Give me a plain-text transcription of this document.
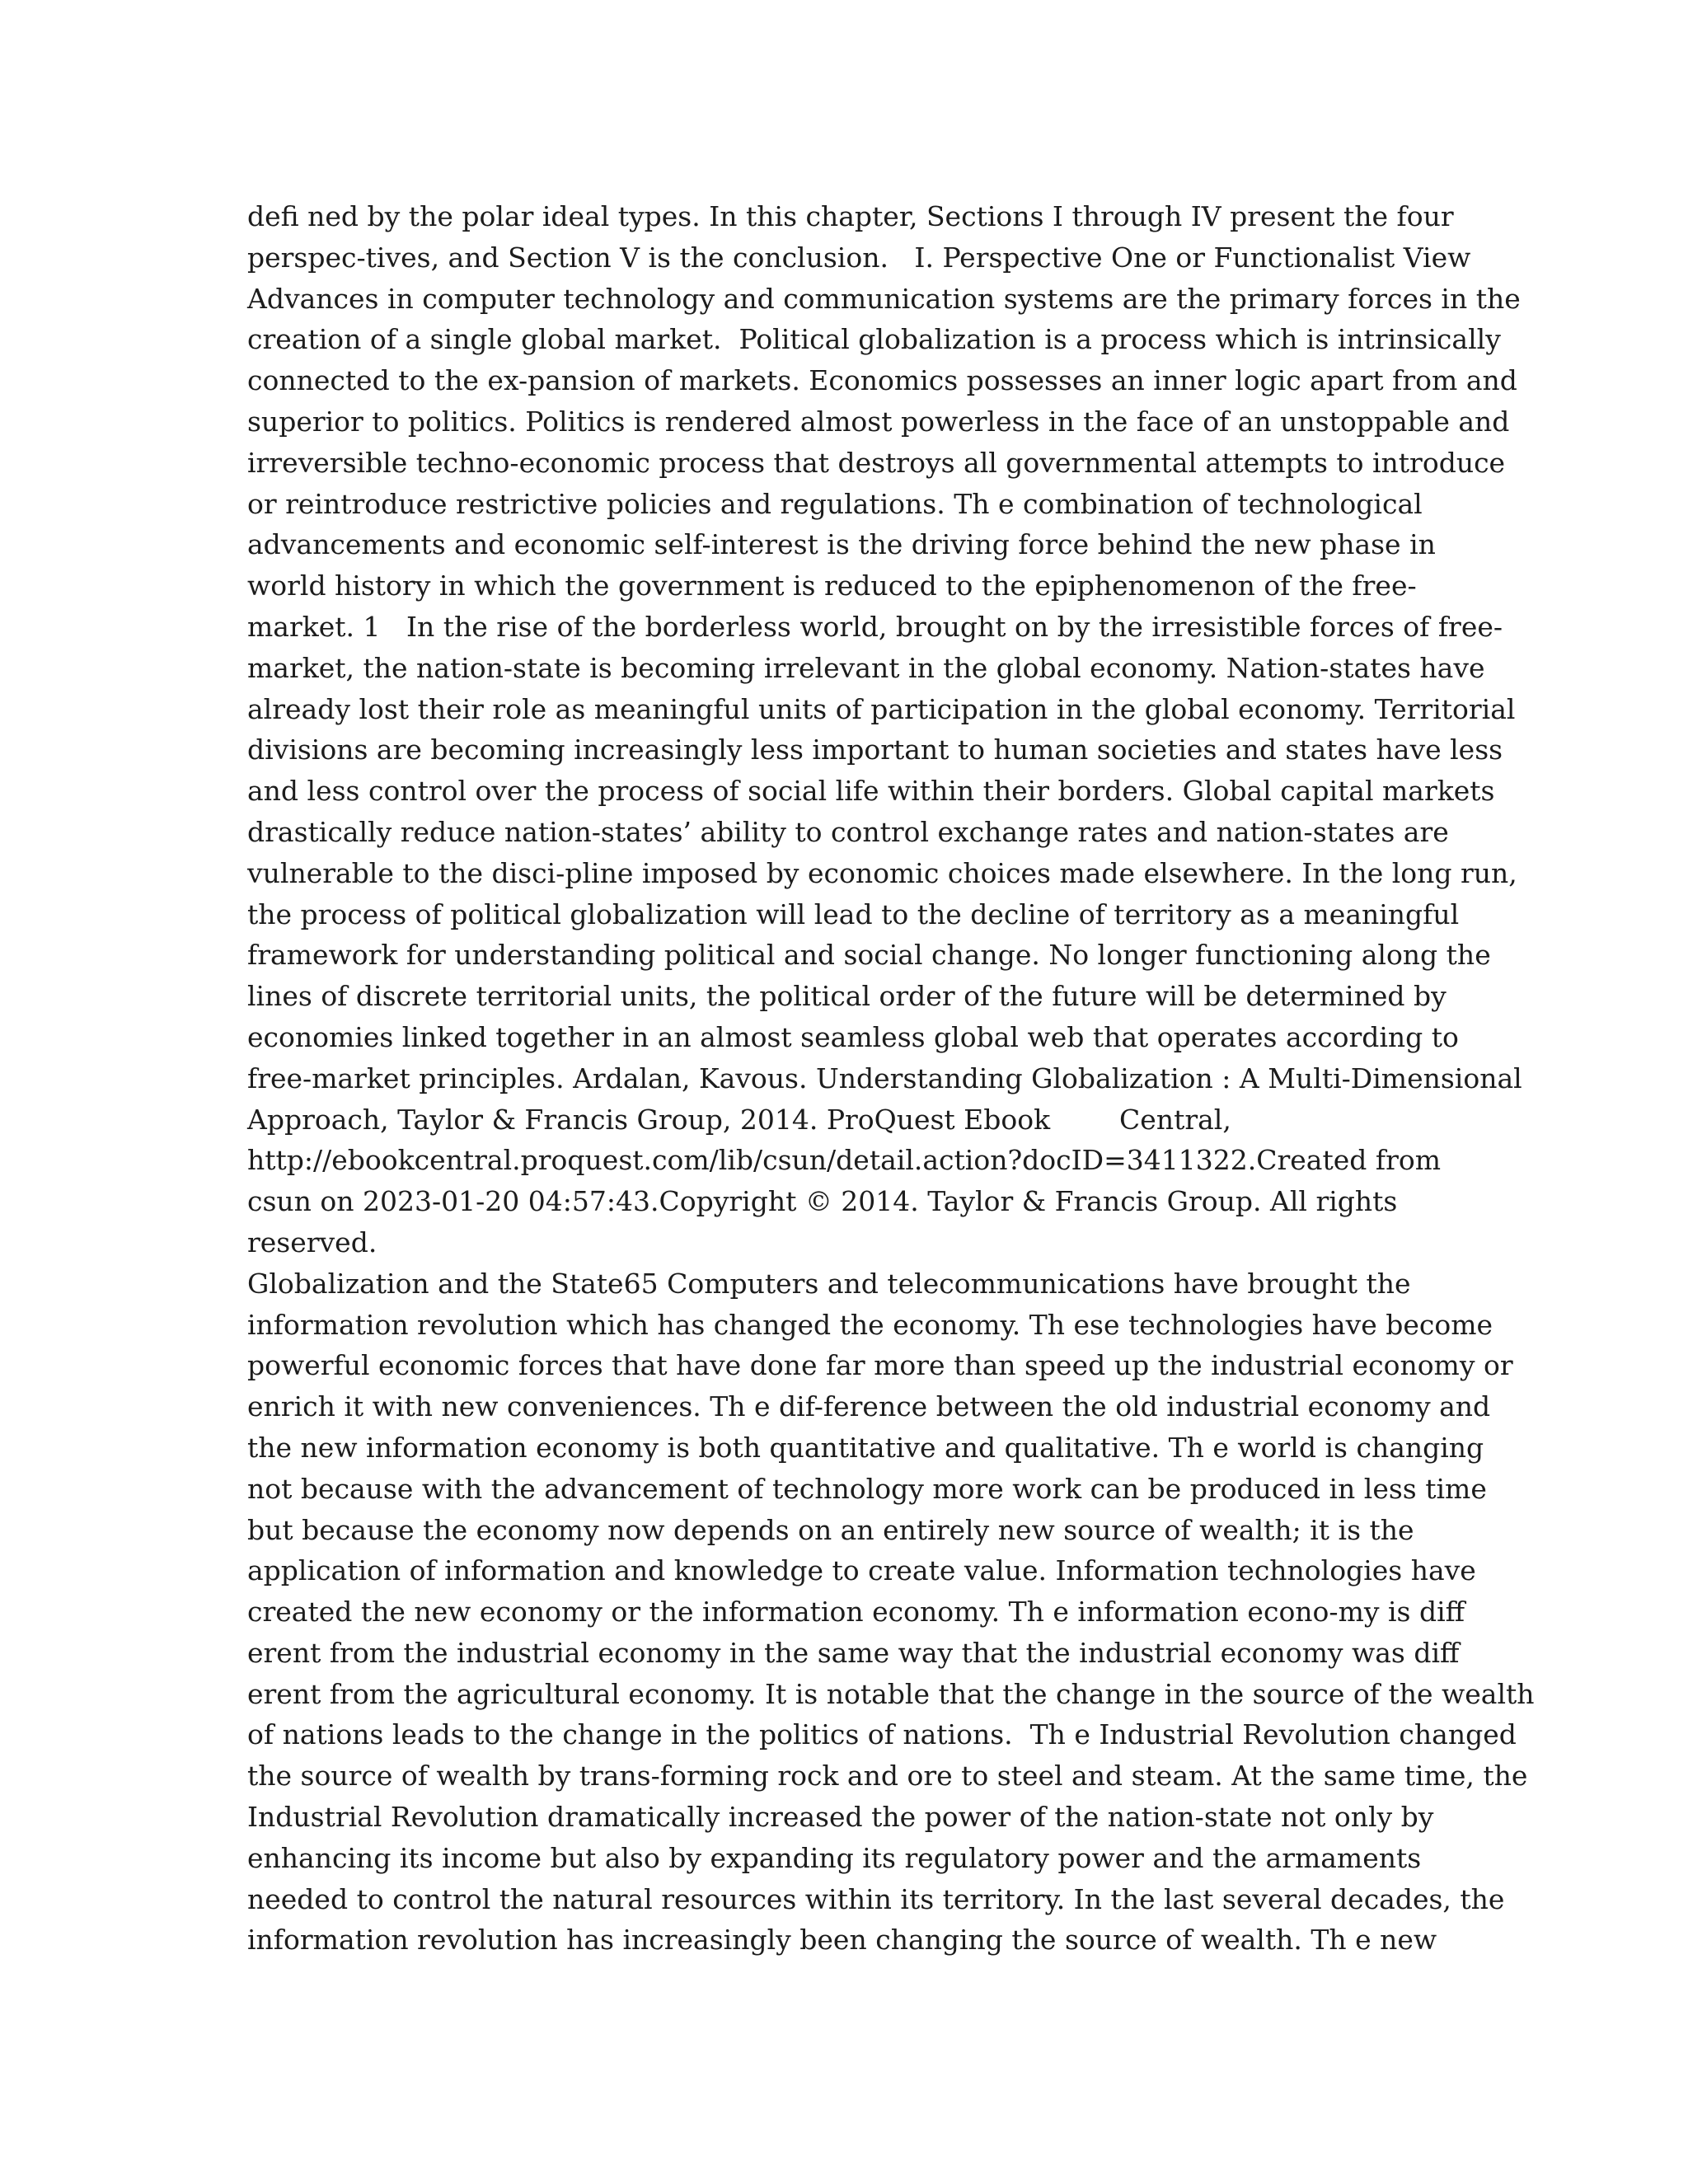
defi ned by the polar ideal types. In this chapter, Sections I through IV present the four
perspec-tives, and Section V is the conclusion.   I. Perspective One or Functionalist View
Advances in computer technology and communication systems are the primary forces in the
creation of a single global market.  Political globalization is a process which is intrinsically
connected to the ex-pansion of markets. Economics possesses an inner logic apart from and
superior to politics. Politics is rendered almost powerless in the face of an unstoppable and
irreversible techno-economic process that destroys all governmental attempts to introduce
or reintroduce restrictive policies and regulations. Th e combination of technological
advancements and economic self-interest is the driving force behind the new phase in
world history in which the government is reduced to the epiphenomenon of the free-
market. 1   In the rise of the borderless world, brought on by the irresistible forces of free-
market, the nation-state is becoming irrelevant in the global economy. Nation-states have
already lost their role as meaningful units of participation in the global economy. Territorial
divisions are becoming increasingly less important to human societies and states have less
and less control over the process of social life within their borders. Global capital markets
drastically reduce nation-states’ ability to control exchange rates and nation-states are
vulnerable to the disci-pline imposed by economic choices made elsewhere. In the long run,
the process of political globalization will lead to the decline of territory as a meaningful
framework for understanding political and social change. No longer functioning along the
lines of discrete territorial units, the political order of the future will be determined by
economies linked together in an almost seamless global web that operates according to
free-market principles. Ardalan, Kavous. Understanding Globalization : A Multi-Dimensional
Approach, Taylor & Francis Group, 2014. ProQuest Ebook        Central,
http://ebookcentral.proquest.com/lib/csun/detail.action?docID=3411322.Created from
csun on 2023-01-20 04:57:43.Copyright © 2014. Taylor & Francis Group. All rights
reserved.
Globalization and the State65 Computers and telecommunications have brought the
information revolution which has changed the economy. Th ese technologies have become
powerful economic forces that have done far more than speed up the industrial economy or
enrich it with new conveniences. Th e dif-ference between the old industrial economy and
the new information economy is both quantitative and qualitative. Th e world is changing
not because with the advancement of technology more work can be produced in less time
but because the economy now depends on an entirely new source of wealth; it is the
application of information and knowledge to create value. Information technologies have
created the new economy or the information economy. Th e information econo-my is diff
erent from the industrial economy in the same way that the industrial economy was diff
erent from the agricultural economy. It is notable that the change in the source of the wealth
of nations leads to the change in the politics of nations.  Th e Industrial Revolution changed
the source of wealth by trans-forming rock and ore to steel and steam. At the same time, the
Industrial Revolution dramatically increased the power of the nation-state not only by
enhancing its income but also by expanding its regulatory power and the armaments
needed to control the natural resources within its territory. In the last several decades, the
information revolution has increasingly been changing the source of wealth. Th e new
